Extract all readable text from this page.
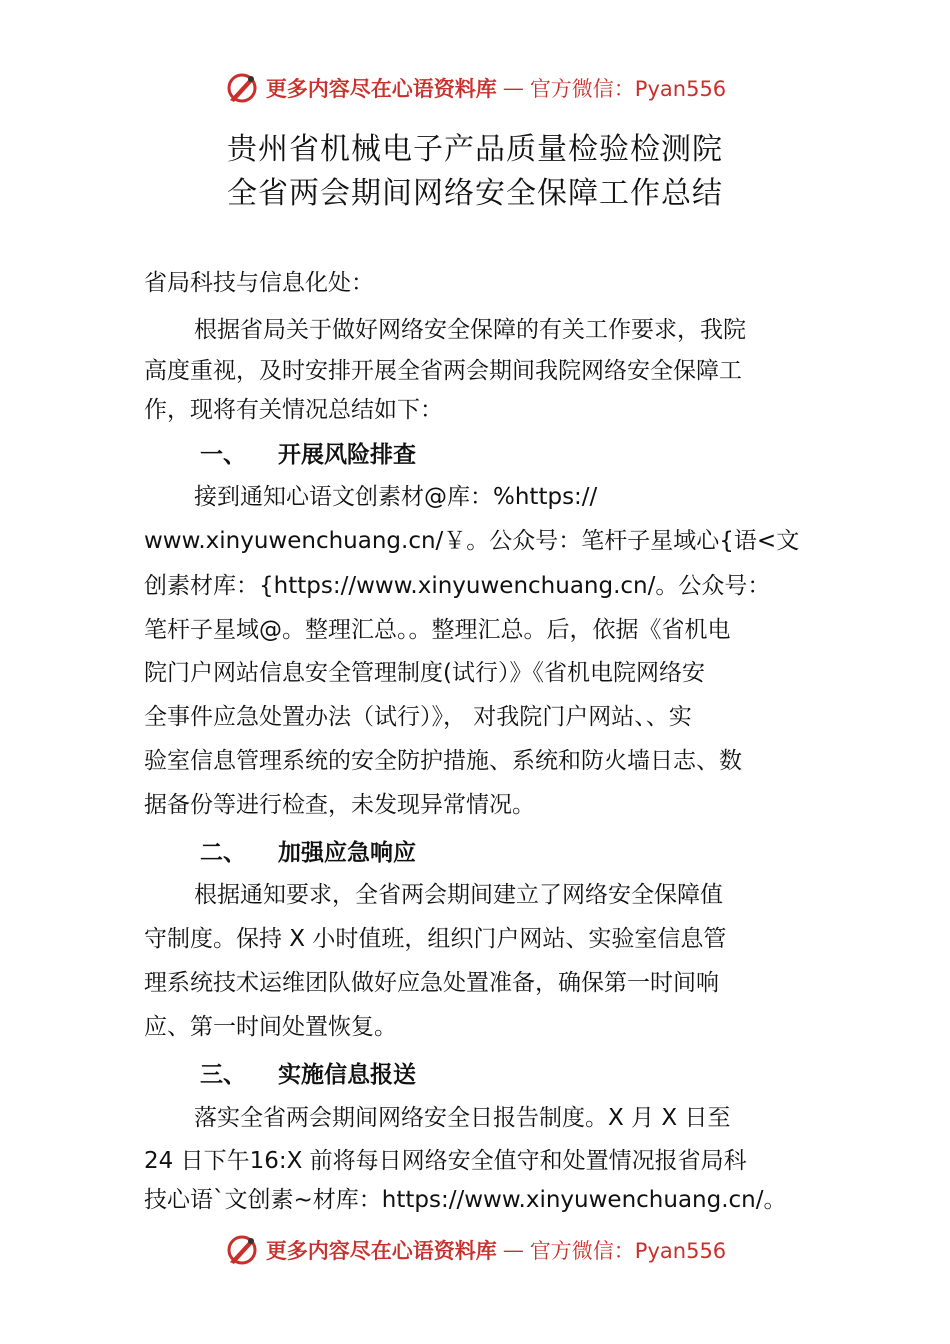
更多内容尽在心语资料库 — 官方微信：Pyan556
贵州省机械电子产品质量检验检测院
全省两会期间网络安全保障工作总结
省局科技与信息化处：
根据省局关于做好网络安全保障的有关工作要求，我院
高度重视，及时安排开展全省两会期间我院网络安全保障工
作，现将有关情况总结如下：
一、 开展风险排查
接到通知心语文创素材@库：%https://
www.xinyuwenchuang.cn/￥。公众号：笔杆子星域心{语<文
创素材库：{https://www.xinyuwenchuang.cn/。公众号：
笔杆子星域@。整理汇总。。整理汇总。后，依据《省机电
院门户网站信息安全管理制度(试行）》《省机电院网络安
全事件应急处置办法（试行）》， 对我院门户网站、、实
验室信息管理系统的安全防护措施、系统和防火墙日志、数
据备份等进行检查，未发现异常情况。
二、 加强应急响应
根据通知要求，全省两会期间建立了网络安全保障值
守制度。保持 X 小时值班，组织门户网站、实验室信息管
理系统技术运维团队做好应急处置准备，确保第一时间响
应、第一时间处置恢复。
三、 实施信息报送
落实全省两会期间网络安全日报告制度。X 月 X 日至
24 日下午16:X 前将每日网络安全值守和处置情况报省局科
技心语`文创素~材库：https://www.xinyuwenchuang.cn/。
更多内容尽在心语资料库 — 官方微信：Pyan556
